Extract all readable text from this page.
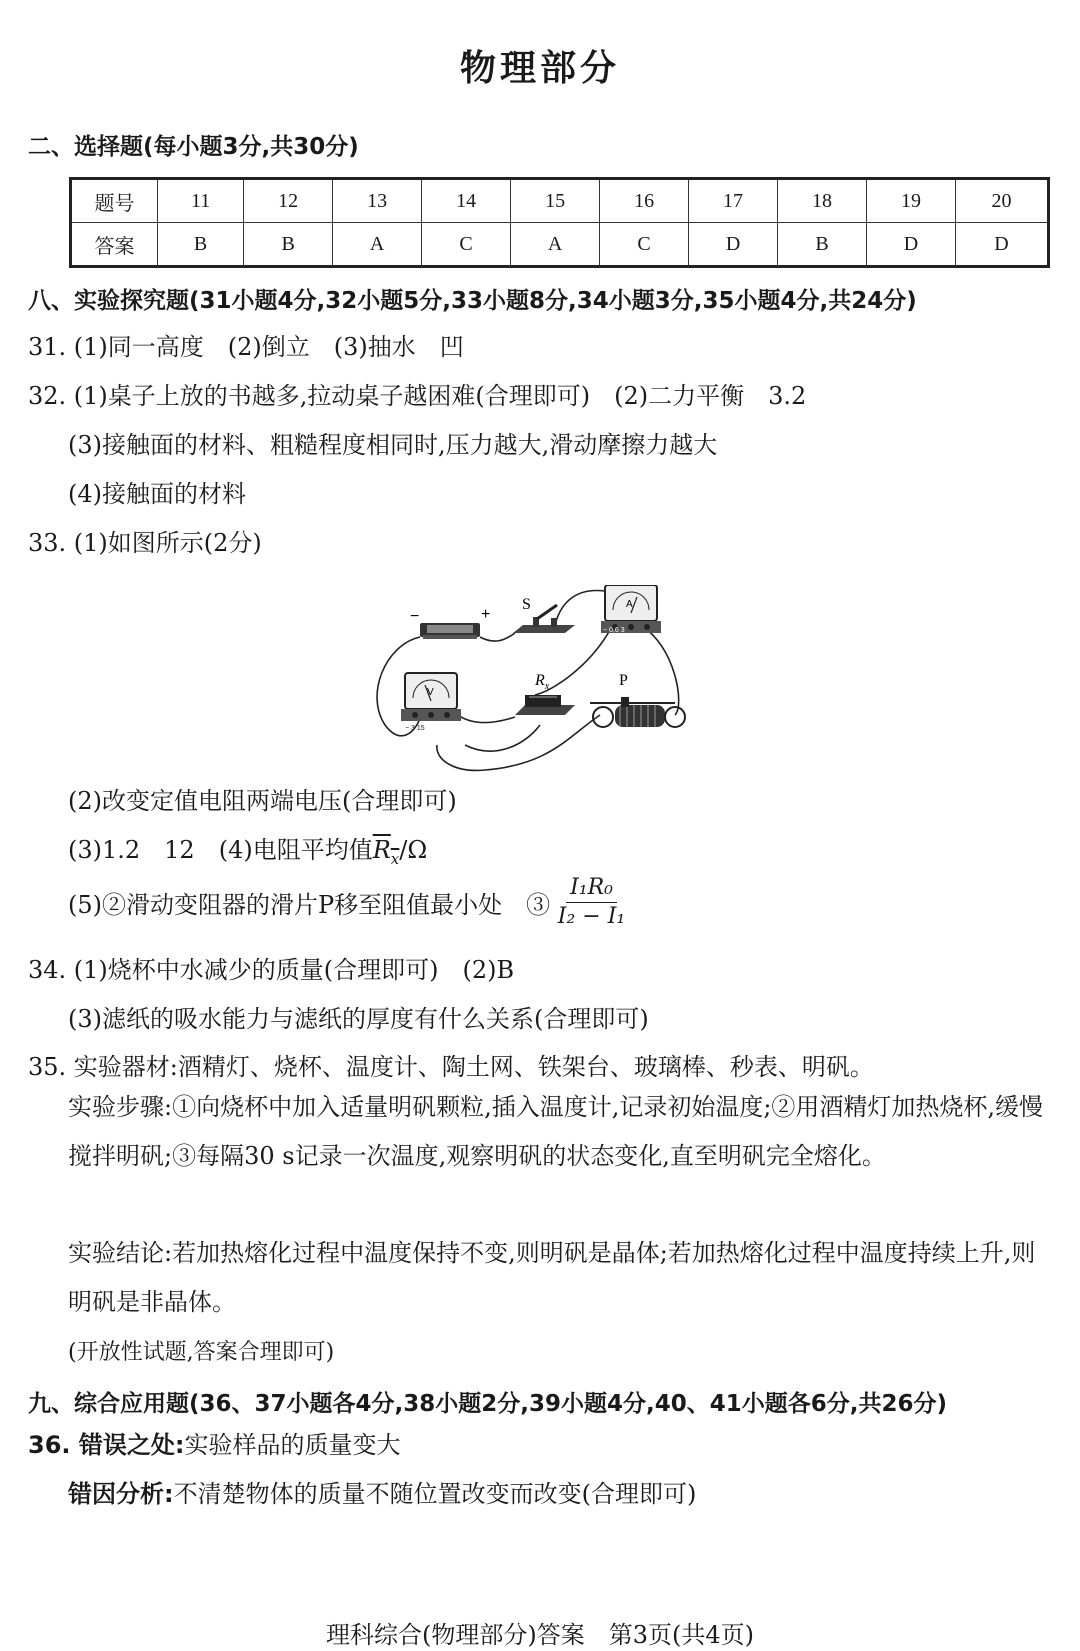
物理部分
二、选择题(每小题3分,共30分)
题号	11	12	13	14	15	16	17	18	19	20
答案	B	B	A	C	A	C	D	B	D	D
八、实验探究题(31小题4分,32小题5分,33小题8分,34小题3分,35小题4分,共24分)
31. (1)同一高度　(2)倒立　(3)抽水　凹
32. (1)桌子上放的书越多,拉动桌子越困难(合理即可)　(2)二力平衡　3.2
(3)接触面的材料、粗糙程度相同时,压力越大,滑动摩擦力越大
(4)接触面的材料
33. (1)如图所示(2分)
−	+
S	A
− 0.6 3
V
− 3 15
$R_x$	P
(2)改变定值电阻两端电压(合理即可)
(3)1.2　12　(4)电阻平均值$R_x/\Omega$
(5)②滑动变阻器的滑片P移至阻值最小处　③ $\frac{\text{I₁R₀}}{\text{I₂ − I₁}}$
34. (1)烧杯中水减少的质量(合理即可)　(2)B
(3)滤纸的吸水能力与滤纸的厚度有什么关系(合理即可)
35. 实验器材:酒精灯、烧杯、温度计、陶土网、铁架台、玻璃棒、秒表、明矾。
实验步骤:①向烧杯中加入适量明矾颗粒,插入温度计,记录初始温度;②用酒精灯加热烧杯,缓慢搅拌明矾;③每隔30 s记录一次温度,观察明矾的状态变化,直至明矾完全熔化。
实验结论:若加热熔化过程中温度保持不变,则明矾是晶体;若加热熔化过程中温度持续上升,则明矾是非晶体。
(开放性试题,答案合理即可)
九、综合应用题(36、37小题各4分,38小题2分,39小题4分,40、41小题各6分,共26分)
36. 错误之处:实验样品的质量变大
错因分析:不清楚物体的质量不随位置改变而改变(合理即可)
理科综合(物理部分)答案　第3页(共4页)
